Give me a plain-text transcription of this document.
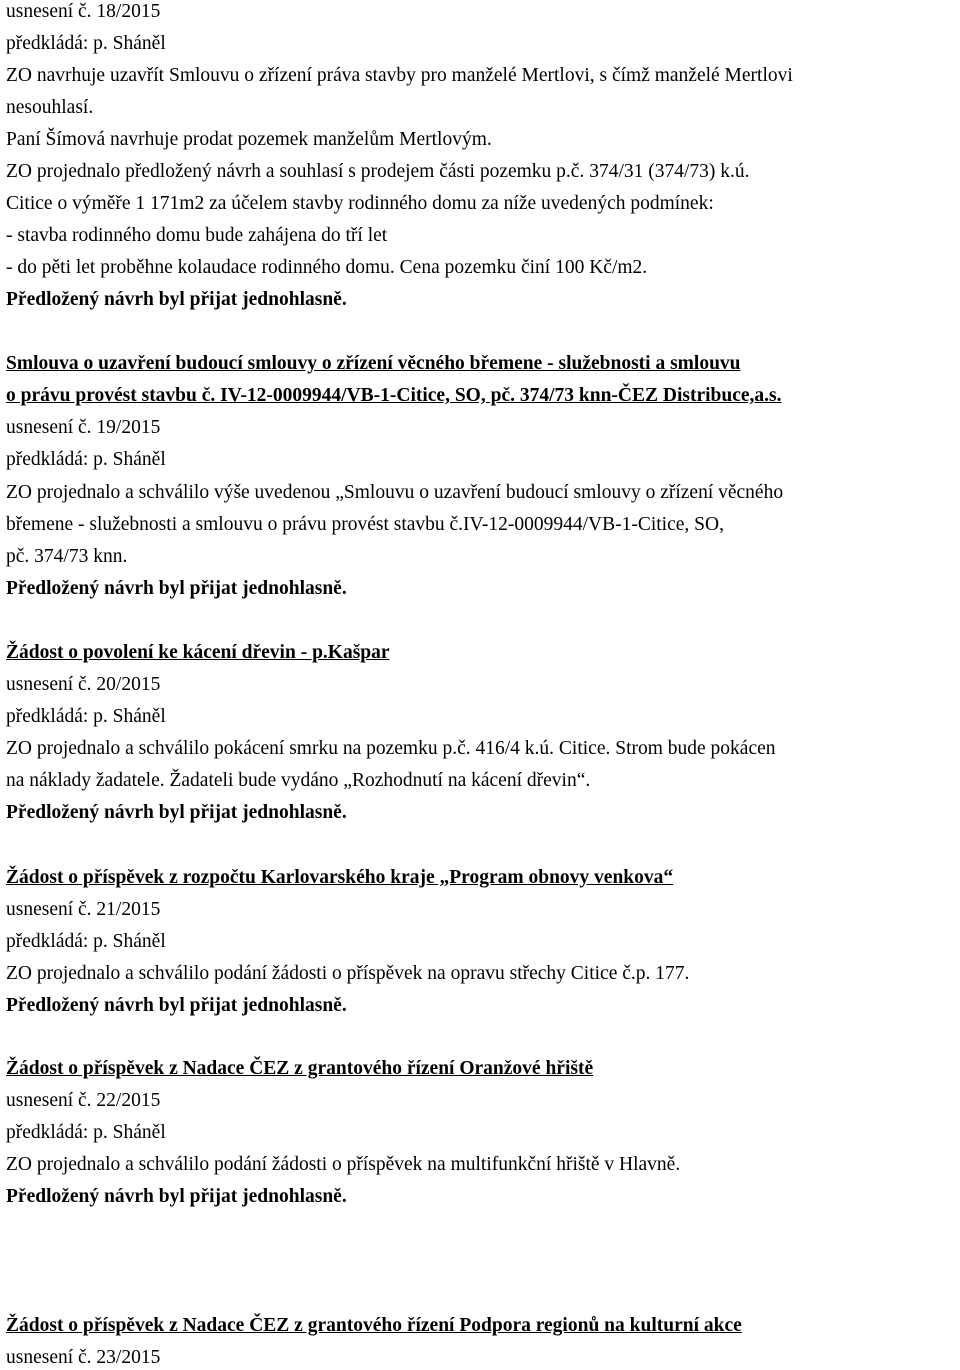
usnesení č. 18/2015
předkládá: p. Sháněl
ZO navrhuje uzavřít Smlouvu o zřízení práva stavby pro manželé Mertlovi, s čímž manželé Mertlovi
nesouhlasí.
Paní Šímová navrhuje prodat pozemek manželům Mertlovým.
ZO projednalo předložený návrh a souhlasí s prodejem části pozemku p.č. 374/31 (374/73) k.ú.
Citice o výměře 1 171m2 za účelem stavby rodinného domu za níže uvedených podmínek:
- stavba rodinného domu bude zahájena do tří let
- do pěti let proběhne kolaudace rodinného domu. Cena pozemku činí 100 Kč/m2.
Předložený návrh byl přijat jednohlasně.
Smlouva o uzavření budoucí smlouvy o zřízení věcného břemene - služebnosti a smlouvu
o právu provést stavbu č. IV-12-0009944/VB-1-Citice, SO, pč. 374/73 knn-ČEZ Distribuce,a.s.
usnesení č. 19/2015
předkládá: p. Sháněl
ZO projednalo a schválilo výše uvedenou „Smlouvu o uzavření budoucí smlouvy o zřízení věcného
břemene - služebnosti a smlouvu o právu provést stavbu č.IV-12-0009944/VB-1-Citice, SO,
pč. 374/73 knn.
Předložený návrh byl přijat jednohlasně.
Žádost o povolení ke kácení dřevin - p.Kašpar
usnesení č. 20/2015
předkládá: p. Sháněl
ZO projednalo a schválilo pokácení smrku na pozemku p.č. 416/4 k.ú. Citice. Strom bude pokácen
na náklady žadatele. Žadateli bude vydáno „Rozhodnutí na kácení dřevin“.
Předložený návrh byl přijat jednohlasně.
Žádost o příspěvek z rozpočtu Karlovarského kraje „Program obnovy venkova“
usnesení č. 21/2015
předkládá: p. Sháněl
ZO projednalo a schválilo podání žádosti o příspěvek na opravu střechy Citice č.p. 177.
Předložený návrh byl přijat jednohlasně.
Žádost o příspěvek z Nadace ČEZ z grantového řízení Oranžové hřiště
usnesení č. 22/2015
předkládá: p. Sháněl
ZO projednalo a schválilo podání žádosti o příspěvek na multifunkční hřiště v Hlavně.
Předložený návrh byl přijat jednohlasně.
Žádost o příspěvek z Nadace ČEZ z grantového řízení Podpora regionů na kulturní akce
usnesení č. 23/2015
